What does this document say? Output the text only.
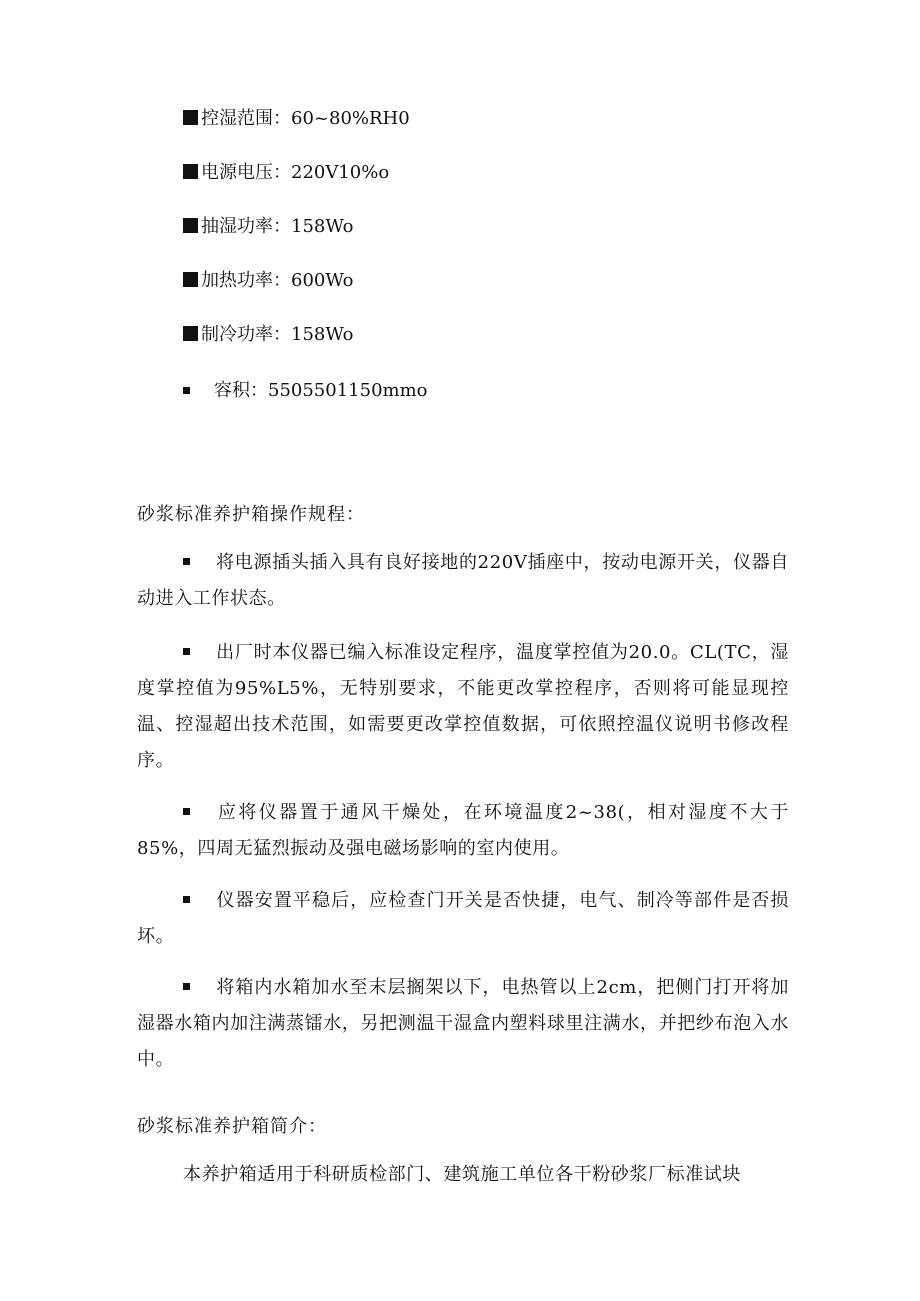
控湿范围：60~80%RH0
电源电压：220V10%o
抽湿功率：158Wo
加热功率：600Wo
制冷功率：158Wo
容积：5505501150mmo
砂浆标准养护箱操作规程：
将电源插头插入具有良好接地的220V插座中，按动电源开关，仪器自动进入工作状态。
出厂时本仪器已编入标准设定程序，温度掌控值为20.0。CL(TC，湿度掌控值为95%L5%，无特别要求，不能更改掌控程序，否则将可能显现控温、控湿超出技术范围，如需要更改掌控值数据，可依照控温仪说明书修改程序。
应将仪器置于通风干燥处，在环境温度2~38(，相对湿度不大于85%，四周无猛烈振动及强电磁场影响的室内使用。
仪器安置平稳后，应检查门开关是否快捷，电气、制冷等部件是否损坏。
将箱内水箱加水至末层搁架以下，电热管以上2cm，把侧门打开将加湿器水箱内加注满蒸镭水，另把测温干湿盒内塑料球里注满水，并把纱布泡入水中。
砂浆标准养护箱简介：
本养护箱适用于科研质检部门、建筑施工单位各干粉砂浆厂标准试块
